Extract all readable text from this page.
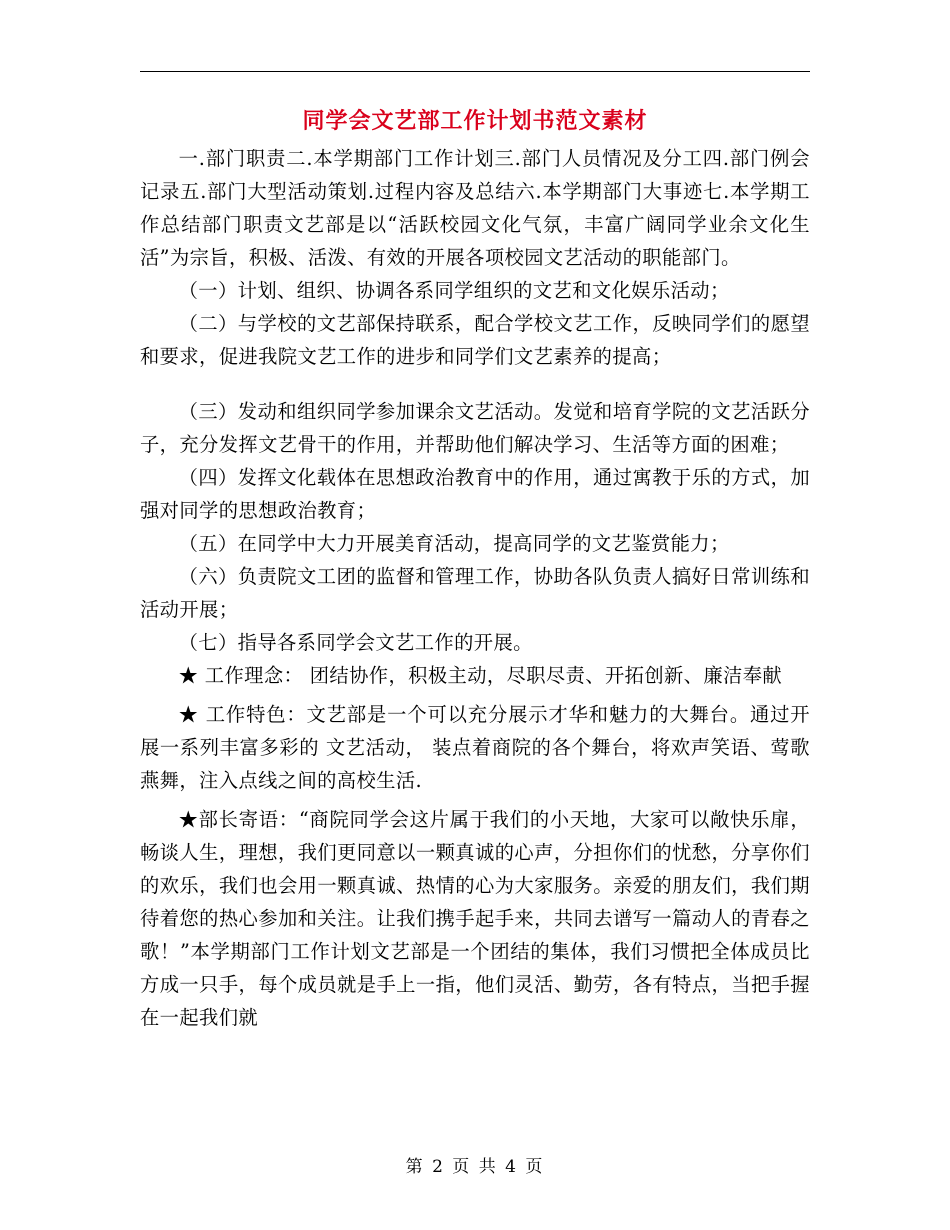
同学会文艺部工作计划书范文素材

一.部门职责二.本学期部门工作计划三.部门人员情况及分工四.部门例会记录五.部门大型活动策划.过程内容及总结六.本学期部门大事迹七.本学期工作总结部门职责文艺部是以“活跃校园文化气氛，丰富广阔同学业余文化生活”为宗旨，积极、活泼、有效的开展各项校园文艺活动的职能部门。

（一）计划、组织、协调各系同学组织的文艺和文化娱乐活动；

（二）与学校的文艺部保持联系，配合学校文艺工作，反映同学们的愿望和要求，促进我院文艺工作的进步和同学们文艺素养的提高；

（三）发动和组织同学参加课余文艺活动。发觉和培育学院的文艺活跃分子，充分发挥文艺骨干的作用，并帮助他们解决学习、生活等方面的困难；

（四）发挥文化载体在思想政治教育中的作用，通过寓教于乐的方式，加强对同学的思想政治教育；

（五）在同学中大力开展美育活动，提高同学的文艺鉴赏能力；

（六）负责院文工团的监督和管理工作，协助各队负责人搞好日常训练和活动开展；

（七）指导各系同学会文艺工作的开展。

★ 工作理念： 团结协作，积极主动，尽职尽责、开拓创新、廉洁奉献

★ 工作特色：文艺部是一个可以充分展示才华和魅力的大舞台。通过开展一系列丰富多彩的 文艺活动， 装点着商院的各个舞台，将欢声笑语、莺歌燕舞，注入点线之间的高校生活.

★部长寄语：“商院同学会这片属于我们的小天地，大家可以敞快乐扉，畅谈人生，理想，我们更同意以一颗真诚的心声，分担你们的忧愁，分享你们的欢乐，我们也会用一颗真诚、热情的心为大家服务。亲爱的朋友们，我们期待着您的热心参加和关注。让我们携手起手来，共同去谱写一篇动人的青春之歌！”本学期部门工作计划文艺部是一个团结的集体，我们习惯把全体成员比方成一只手，每个成员就是手上一指，他们灵活、勤劳，各有特点，当把手握在一起我们就

第 2 页 共 4 页
